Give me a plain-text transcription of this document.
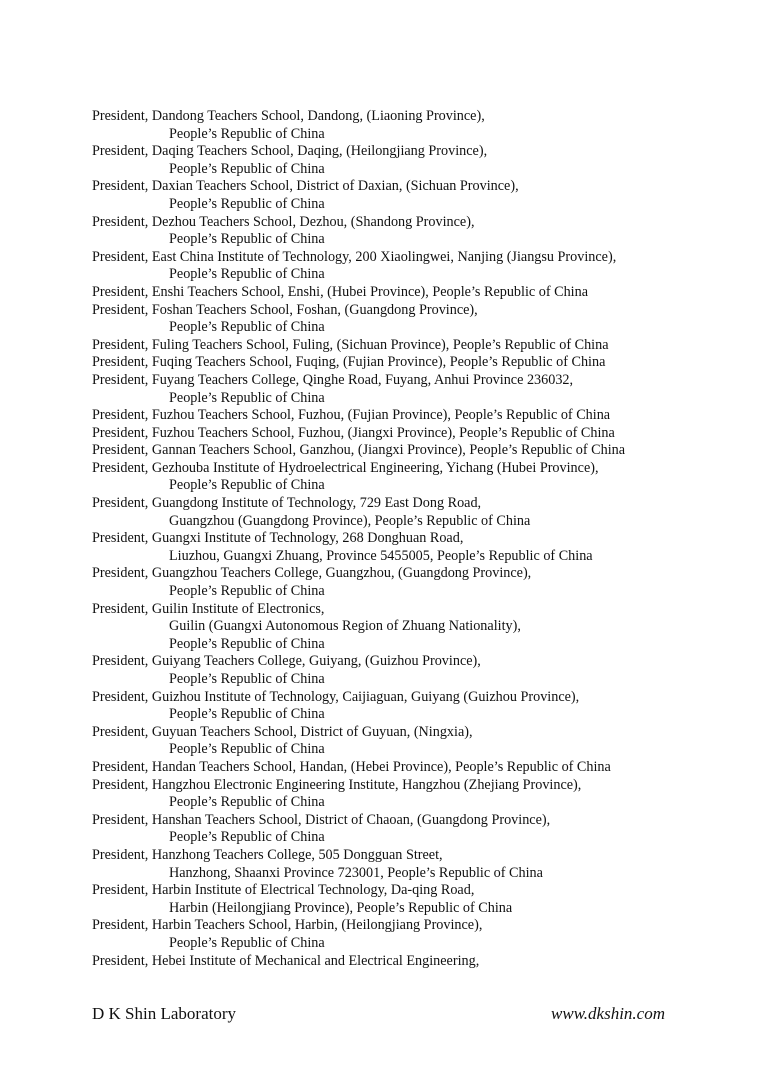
President, Dandong Teachers School, Dandong, (Liaoning Province),
People’s Republic of China
President, Daqing Teachers School, Daqing, (Heilongjiang Province),
People’s Republic of China
President, Daxian Teachers School, District of Daxian, (Sichuan Province),
People’s Republic of China
President, Dezhou Teachers School, Dezhou, (Shandong Province),
People’s Republic of China
President, East China Institute of Technology, 200 Xiaolingwei, Nanjing (Jiangsu Province),
People’s Republic of China
President, Enshi Teachers School, Enshi, (Hubei Province), People’s Republic of China
President, Foshan Teachers School, Foshan, (Guangdong Province),
People’s Republic of China
President, Fuling Teachers School, Fuling, (Sichuan Province), People’s Republic of China
President, Fuqing Teachers School, Fuqing, (Fujian Province), People’s Republic of China
President, Fuyang Teachers College, Qinghe Road, Fuyang, Anhui Province 236032,
People’s Republic of China
President, Fuzhou Teachers School, Fuzhou, (Fujian Province), People’s Republic of China
President, Fuzhou Teachers School, Fuzhou, (Jiangxi Province), People’s Republic of China
President, Gannan Teachers School, Ganzhou, (Jiangxi Province), People’s Republic of China
President, Gezhouba Institute of Hydroelectrical Engineering, Yichang (Hubei Province),
People’s Republic of China
President, Guangdong Institute of Technology, 729 East Dong Road,
Guangzhou (Guangdong Province), People’s Republic of China
President, Guangxi Institute of Technology, 268 Donghuan Road,
Liuzhou, Guangxi Zhuang, Province 5455005, People’s Republic of China
President, Guangzhou Teachers College, Guangzhou, (Guangdong Province),
People’s Republic of China
President, Guilin Institute of Electronics,
Guilin (Guangxi Autonomous Region of Zhuang Nationality),
People’s Republic of China
President, Guiyang Teachers College, Guiyang, (Guizhou Province),
People’s Republic of China
President, Guizhou Institute of Technology, Caijiaguan, Guiyang (Guizhou Province),
People’s Republic of China
President, Guyuan Teachers School, District of Guyuan, (Ningxia),
People’s Republic of China
President, Handan Teachers School, Handan, (Hebei Province), People’s Republic of China
President, Hangzhou Electronic Engineering Institute, Hangzhou (Zhejiang Province),
People’s Republic of China
President, Hanshan Teachers School, District of Chaoan, (Guangdong Province),
People’s Republic of China
President, Hanzhong Teachers College, 505 Dongguan Street,
Hanzhong, Shaanxi Province 723001, People’s Republic of China
President, Harbin Institute of Electrical Technology, Da-qing Road,
Harbin (Heilongjiang Province), People’s Republic of China
President, Harbin Teachers School, Harbin, (Heilongjiang Province),
People’s Republic of China
President, Hebei Institute of Mechanical and Electrical Engineering,
D K Shin Laboratory	www.dkshin.com
